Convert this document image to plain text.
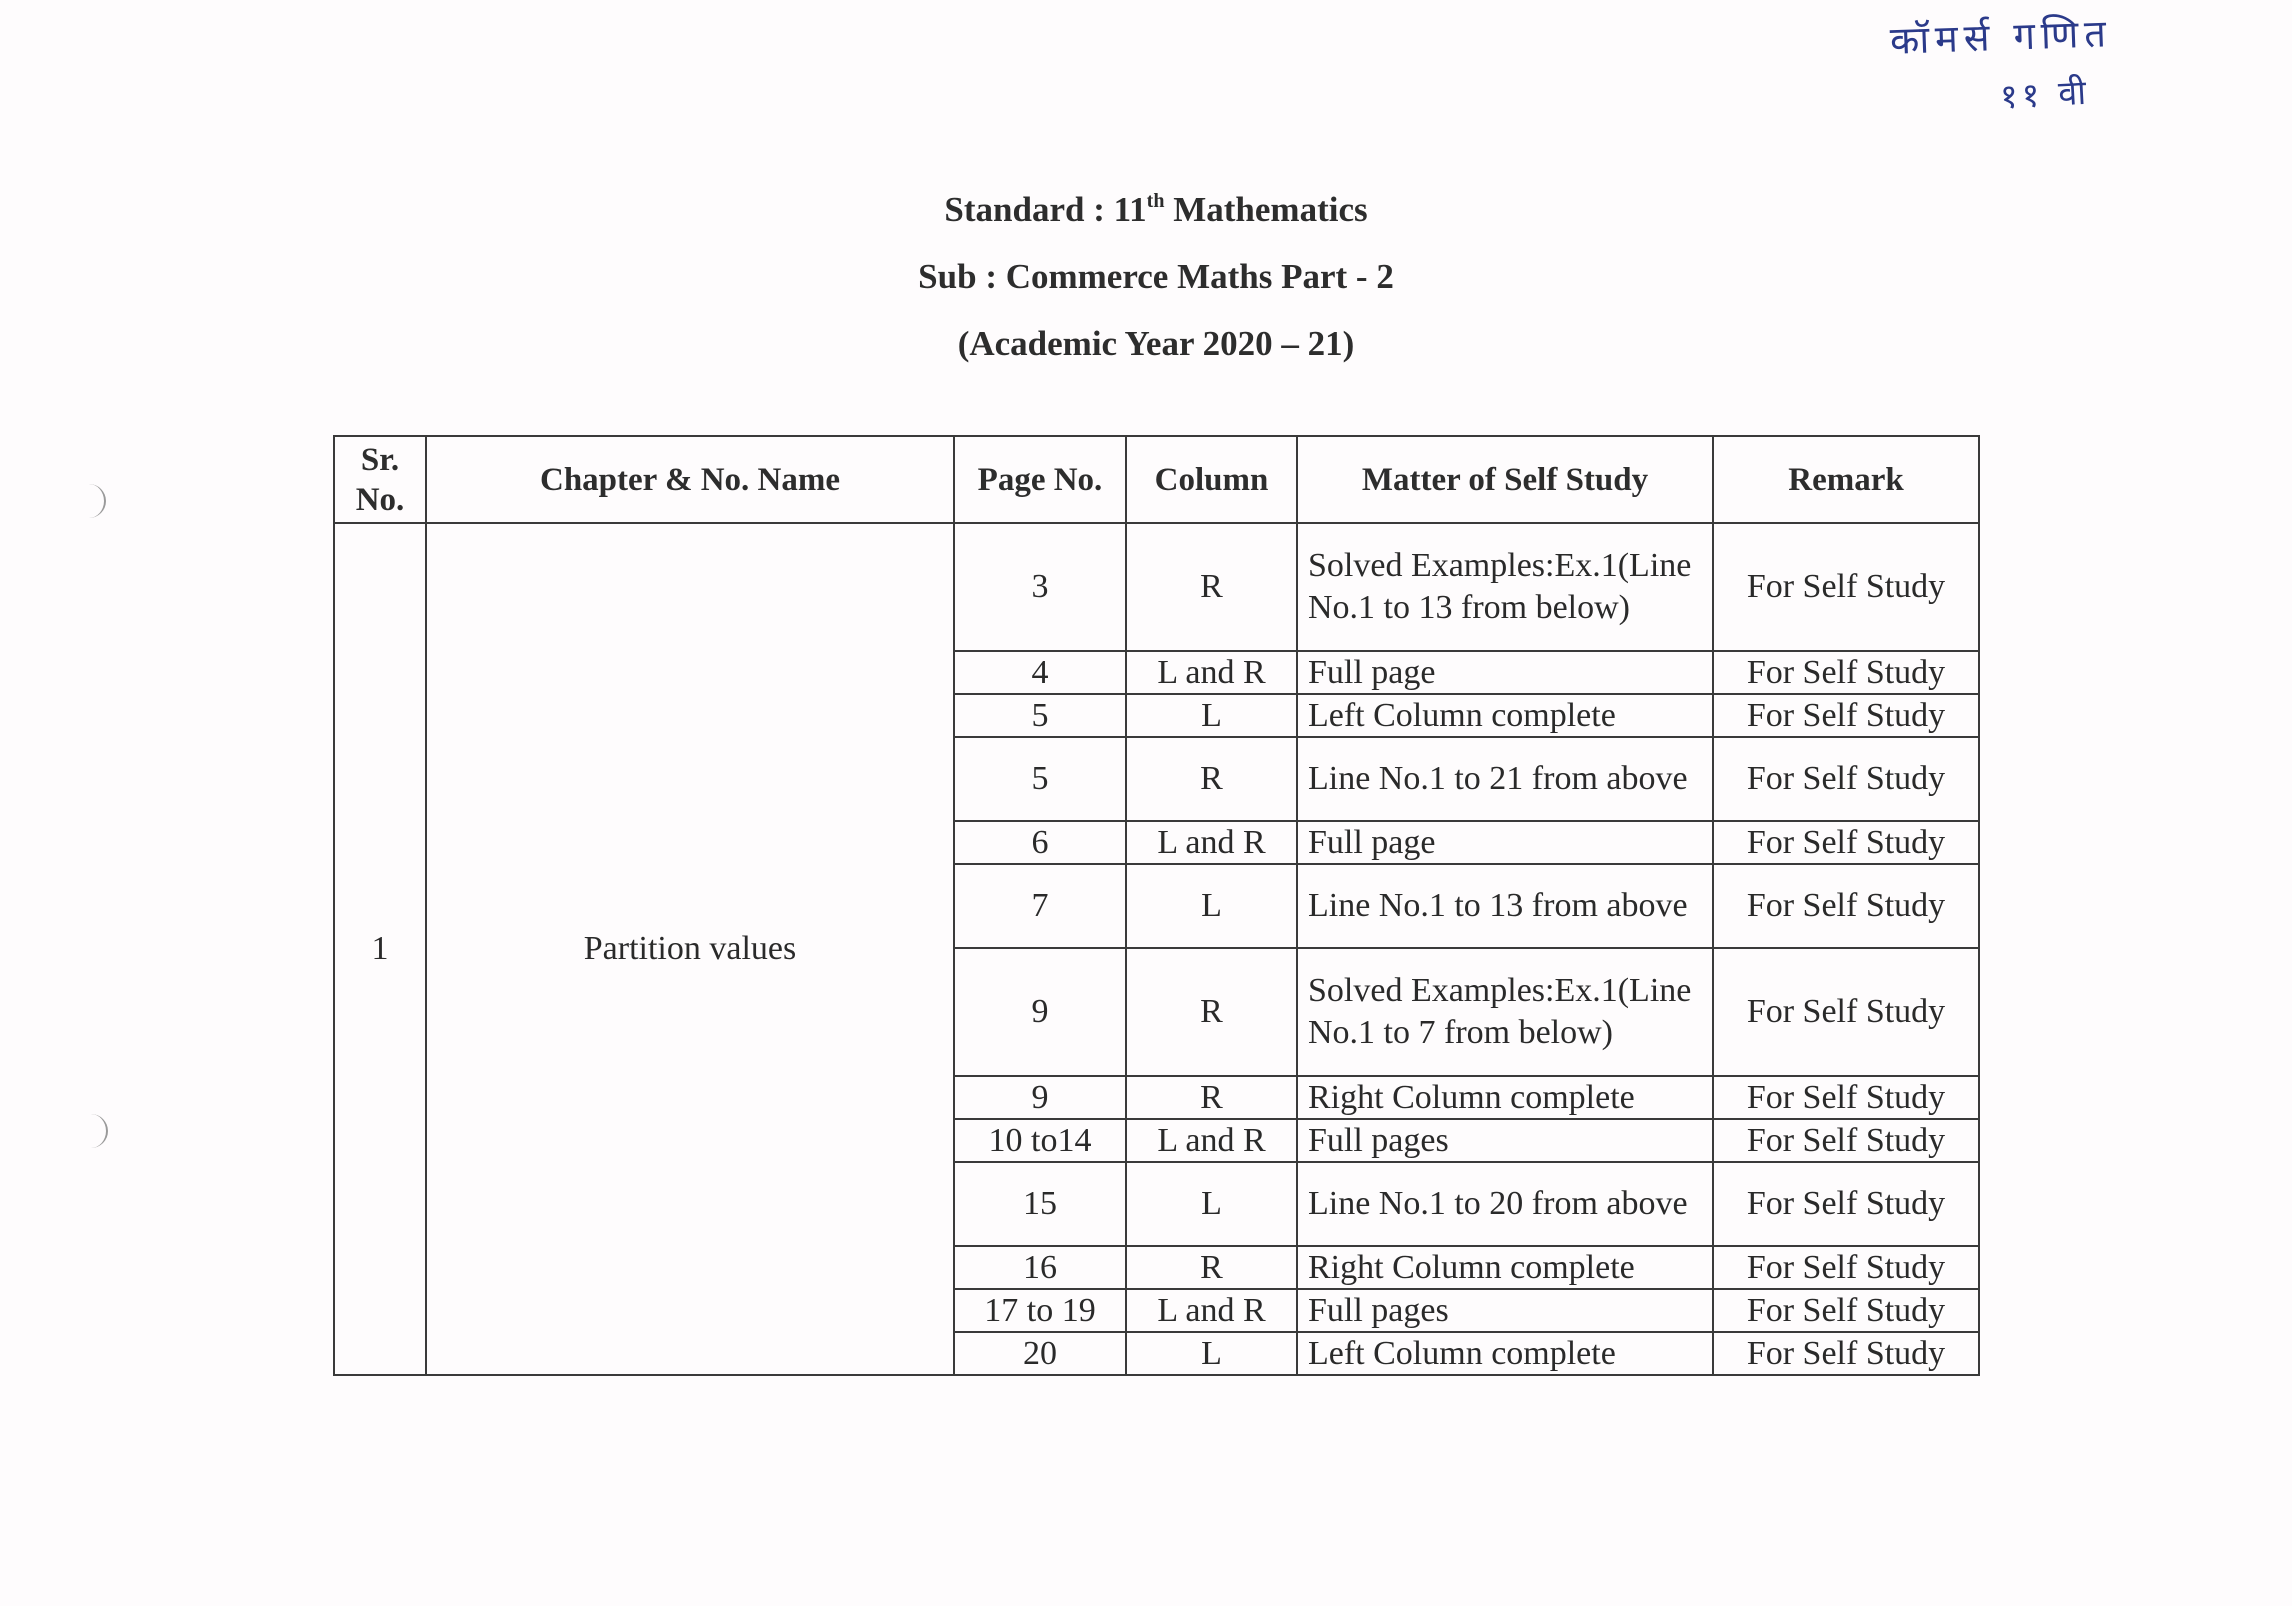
कॉमर्स गणित
११ वी
Standard : 11th Mathematics
Sub : Commerce Maths Part - 2
(Academic Year 2020 – 21)
Sr.
No.	Chapter & No. Name	Page No.	Column	Matter of Self Study	Remark
1	Partition values	3	R	Solved Examples:Ex.1(Line No.1 to 13 from below)	For Self Study
		4	L and R	Full page	For Self Study
		5	L	Left Column complete	For Self Study
		5	R	Line No.1 to 21 from above	For Self Study
		6	L and R	Full page	For Self Study
		7	L	Line No.1 to 13 from above	For Self Study
		9	R	Solved Examples:Ex.1(Line No.1 to 7 from below)	For Self Study
		9	R	Right Column complete	For Self Study
		10 to14	L and R	Full pages	For Self Study
		15	L	Line No.1 to 20 from above	For Self Study
		16	R	Right Column complete	For Self Study
		17 to 19	L and R	Full pages	For Self Study
		20	L	Left Column complete	For Self Study
